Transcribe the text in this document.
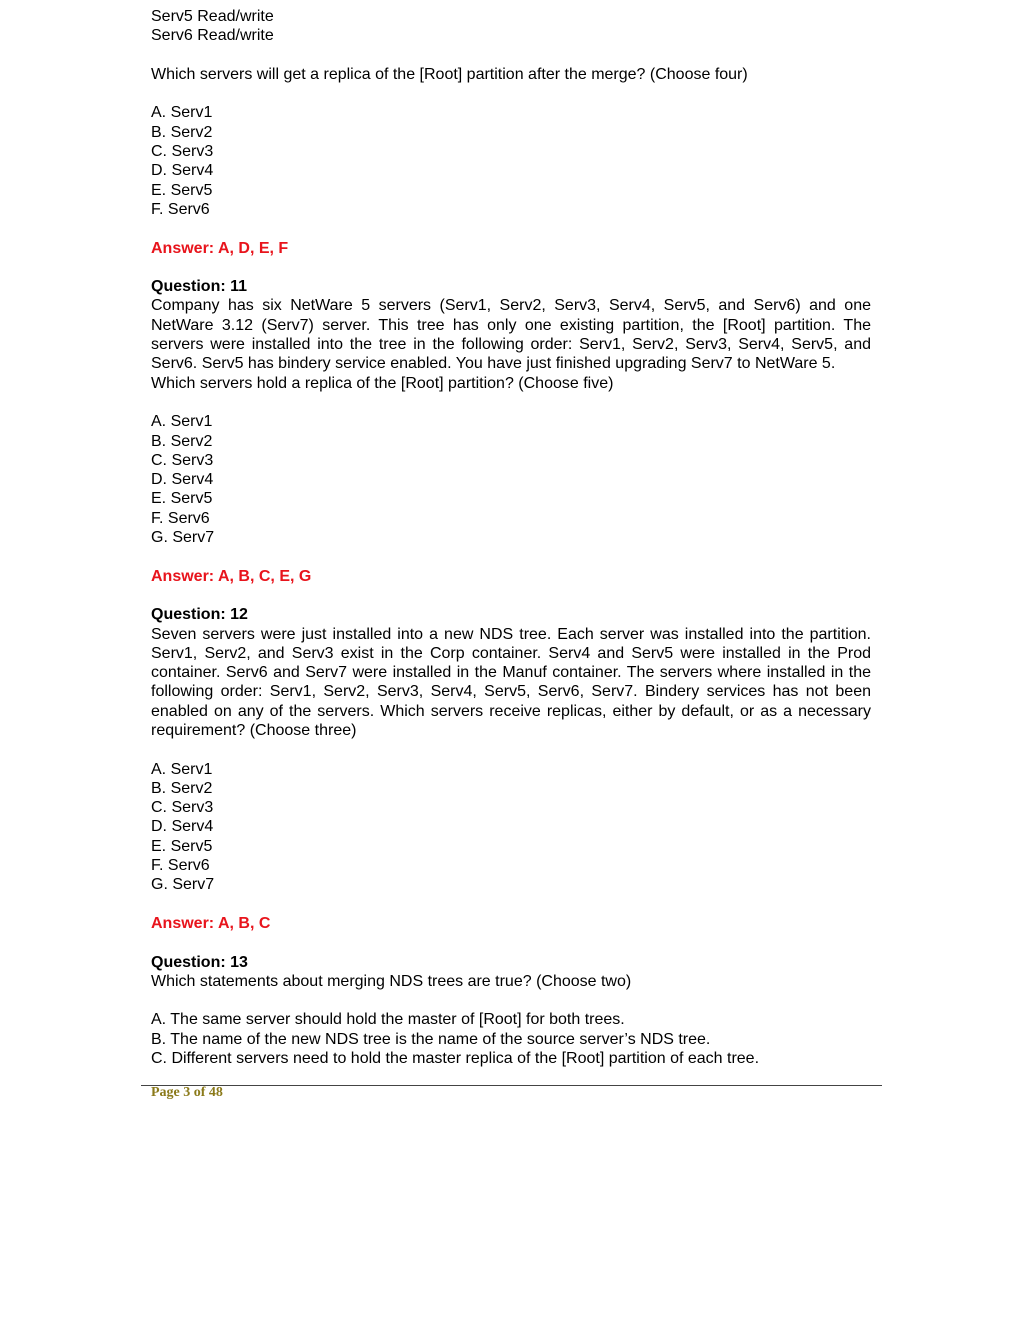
Serv5 Read/write
Serv6 Read/write
Which servers will get a replica of the [Root] partition after the merge? (Choose four)
A. Serv1
B. Serv2
C. Serv3
D. Serv4
E. Serv5
F. Serv6
Answer: A, D, E, F
Question: 11
Company has six NetWare 5 servers (Serv1, Serv2, Serv3, Serv4, Serv5, and Serv6) and one NetWare 3.12 (Serv7) server. This tree has only one existing partition, the [Root] partition. The servers were installed into the tree in the following order: Serv1, Serv2, Serv3, Serv4, Serv5, and Serv6. Serv5 has bindery service enabled. You have just finished upgrading Serv7 to NetWare 5.
Which servers hold a replica of the [Root] partition? (Choose five)
A. Serv1
B. Serv2
C. Serv3
D. Serv4
E. Serv5
F. Serv6
G. Serv7
Answer: A, B, C, E, G
Question: 12
Seven servers were just installed into a new NDS tree. Each server was installed into the partition. Serv1, Serv2, and Serv3 exist in the Corp container. Serv4 and Serv5 were installed in the Prod container. Serv6 and Serv7 were installed in the Manuf container. The servers where installed in the following order: Serv1, Serv2, Serv3, Serv4, Serv5, Serv6, Serv7. Bindery services has not been enabled on any of the servers. Which servers receive replicas, either by default, or as a necessary requirement? (Choose three)
A. Serv1
B. Serv2
C. Serv3
D. Serv4
E. Serv5
F. Serv6
G. Serv7
Answer: A, B, C
Question: 13
Which statements about merging NDS trees are true? (Choose two)
A. The same server should hold the master of [Root] for both trees.
B. The name of the new NDS tree is the name of the source server’s NDS tree.
C. Different servers need to hold the master replica of the [Root] partition of each tree.
Page 3 of 48
